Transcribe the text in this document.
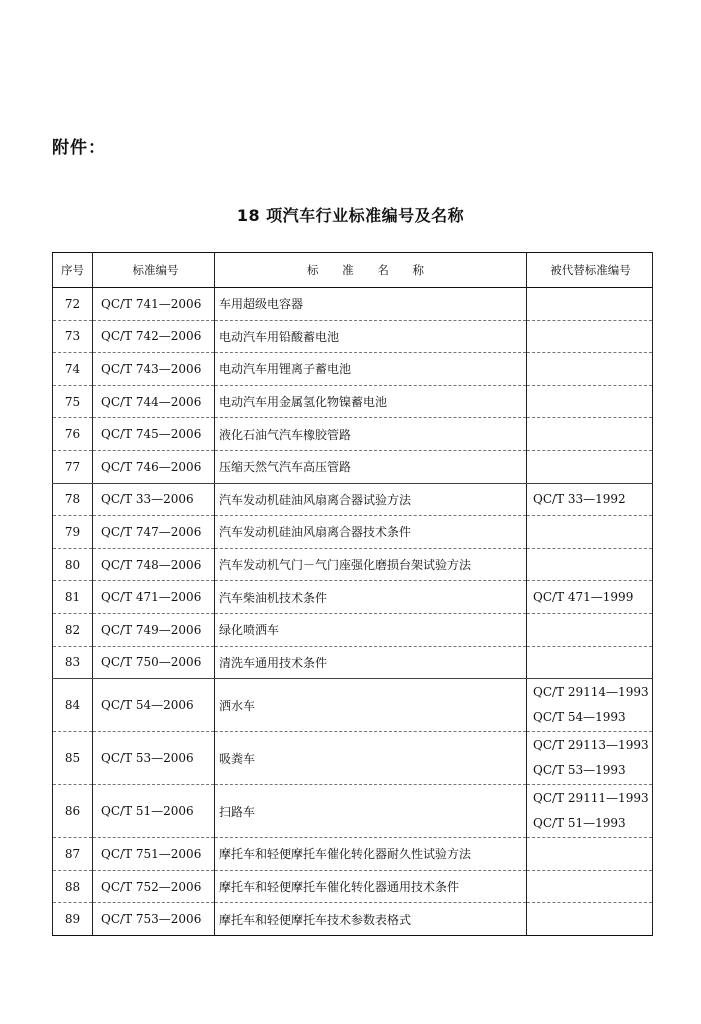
附件：
18 项汽车行业标准编号及名称
序号	标准编号	标 准 名 称	被代替标准编号
72	QC/T 741—2006	车用超级电容器	
73	QC/T 742—2006	电动汽车用铅酸蓄电池	
74	QC/T 743—2006	电动汽车用锂离子蓄电池	
75	QC/T 744—2006	电动汽车用金属氢化物镍蓄电池	
76	QC/T 745—2006	液化石油气汽车橡胶管路	
77	QC/T 746—2006	压缩天然气汽车高压管路	
78	QC/T 33—2006	汽车发动机硅油风扇离合器试验方法	QC/T 33—1992

79	QC/T 747—2006	汽车发动机硅油风扇离合器技术条件	
80	QC/T 748—2006	汽车发动机气门－气门座强化磨损台架试验方法	
81	QC/T 471—2006	汽车柴油机技术条件	QC/T 471—1999

82	QC/T 749—2006	绿化喷洒车	
83	QC/T 750—2006	清洗车通用技术条件	
84	QC/T 54—2006	洒水车	QC/T 29114—1993
QC/T 54—1993

85	QC/T 53—2006	吸粪车	QC/T 29113—1993
QC/T 53—1993

86	QC/T 51—2006	扫路车	QC/T 29111—1993
QC/T 51—1993

87	QC/T 751—2006	摩托车和轻便摩托车催化转化器耐久性试验方法	
88	QC/T 752—2006	摩托车和轻便摩托车催化转化器通用技术条件	
89	QC/T 753—2006	摩托车和轻便摩托车技术参数表格式	
